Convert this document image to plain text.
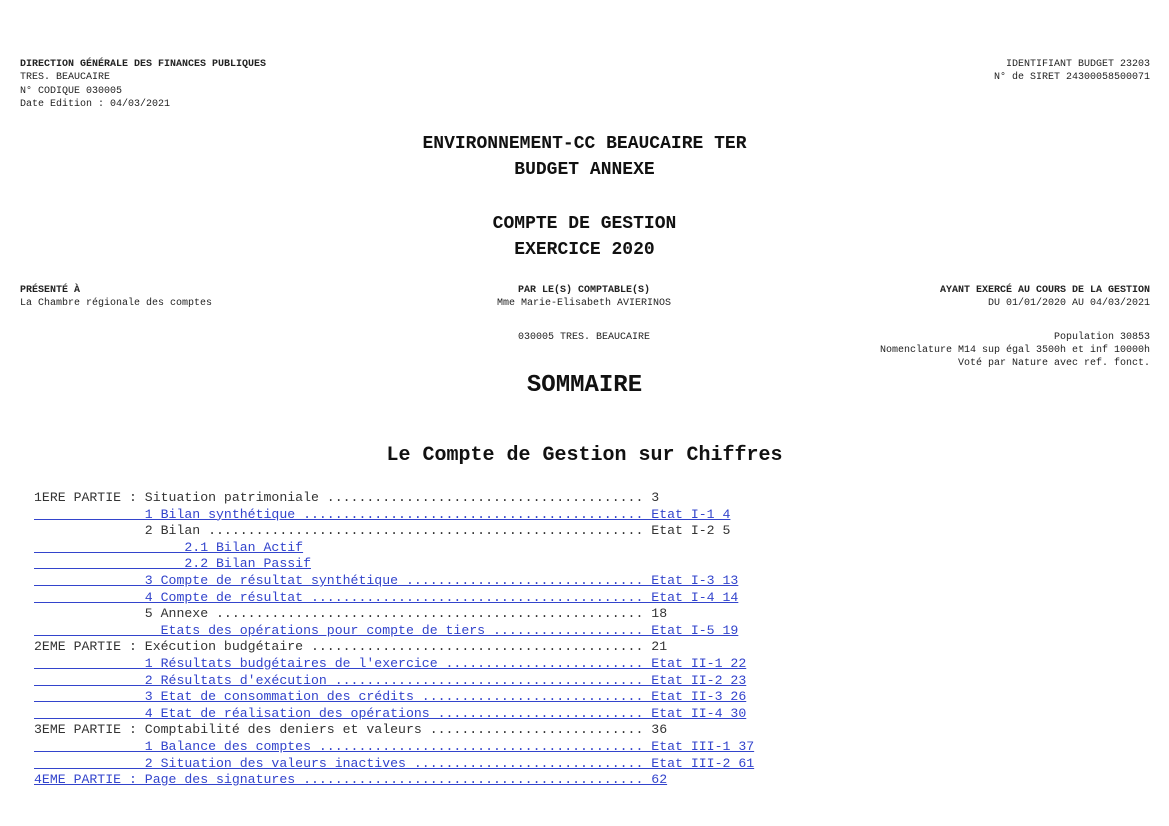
DIRECTION GÉNÉRALE DES FINANCES PUBLIQUES
TRES. BEAUCAIRE
N° CODIQUE 030005
Date Edition : 04/03/2021
IDENTIFIANT BUDGET 23203
N° de SIRET 24300058500071
ENVIRONNEMENT-CC BEAUCAIRE TER
BUDGET ANNEXE
COMPTE DE GESTION
EXERCICE 2020
PRÉSENTÉ À
La Chambre régionale des comptes
PAR LE(S) COMPTABLE(S)
Mme Marie-Elisabeth AVIERINOS
030005 TRES. BEAUCAIRE
AYANT EXERCÉ AU COURS DE LA GESTION
DU 01/01/2020 AU 04/03/2021
Population 30853
Nomenclature M14 sup égal 3500h et inf 10000h
Voté par Nature avec ref. fonct.
SOMMAIRE
Le Compte de Gestion sur Chiffres
1ERE PARTIE : Situation patrimoniale ........................................ 3
1 Bilan synthétique ........................................... Etat I-1 4
2 Bilan ....................................................... Etat I-2 5
2.1 Bilan Actif
2.2 Bilan Passif
3 Compte de résultat synthétique .............................. Etat I-3 13
4 Compte de résultat .......................................... Etat I-4 14
5 Annexe ...................................................... 18
Etats des opérations pour compte de tiers ................... Etat I-5 19
2EME PARTIE : Exécution budgétaire .......................................... 21
1 Résultats budgétaires de l'exercice ......................... Etat II-1 22
2 Résultats d'exécution ....................................... Etat II-2 23
3 Etat de consommation des crédits ............................ Etat II-3 26
4 Etat de réalisation des opérations .......................... Etat II-4 30
3EME PARTIE : Comptabilité des deniers et valeurs ........................... 36
1 Balance des comptes ......................................... Etat III-1 37
2 Situation des valeurs inactives ............................. Etat III-2 61
4EME PARTIE : Page des signatures ........................................... 62
